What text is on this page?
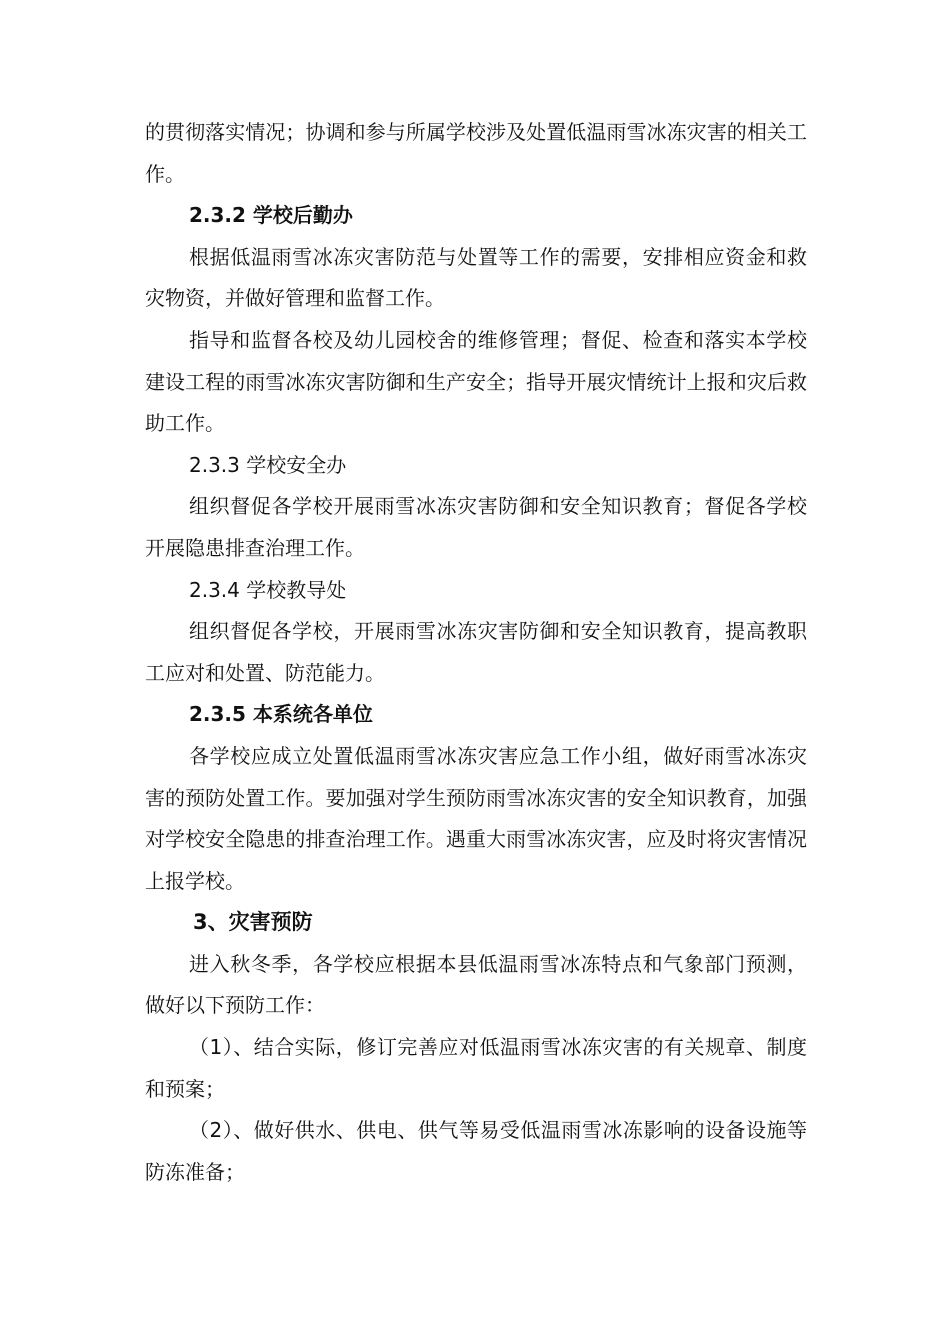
的贯彻落实情况；协调和参与所属学校涉及处置低温雨雪冰冻灾害的相关工作。

2.3.2 学校后勤办

根据低温雨雪冰冻灾害防范与处置等工作的需要，安排相应资金和救灾物资，并做好管理和监督工作。

指导和监督各校及幼儿园校舍的维修管理；督促、检查和落实本学校建设工程的雨雪冰冻灾害防御和生产安全；指导开展灾情统计上报和灾后救助工作。

2.3.3 学校安全办

组织督促各学校开展雨雪冰冻灾害防御和安全知识教育；督促各学校开展隐患排查治理工作。

2.3.4 学校教导处

组织督促各学校，开展雨雪冰冻灾害防御和安全知识教育，提高教职工应对和处置、防范能力。

2.3.5 本系统各单位

各学校应成立处置低温雨雪冰冻灾害应急工作小组，做好雨雪冰冻灾害的预防处置工作。要加强对学生预防雨雪冰冻灾害的安全知识教育，加强对学校安全隐患的排查治理工作。遇重大雨雪冰冻灾害，应及时将灾害情况上报学校。

3、灾害预防

进入秋冬季，各学校应根据本县低温雨雪冰冻特点和气象部门预测，做好以下预防工作：

（1）、结合实际，修订完善应对低温雨雪冰冻灾害的有关规章、制度和预案；

（2）、做好供水、供电、供气等易受低温雨雪冰冻影响的设备设施等防冻准备；
